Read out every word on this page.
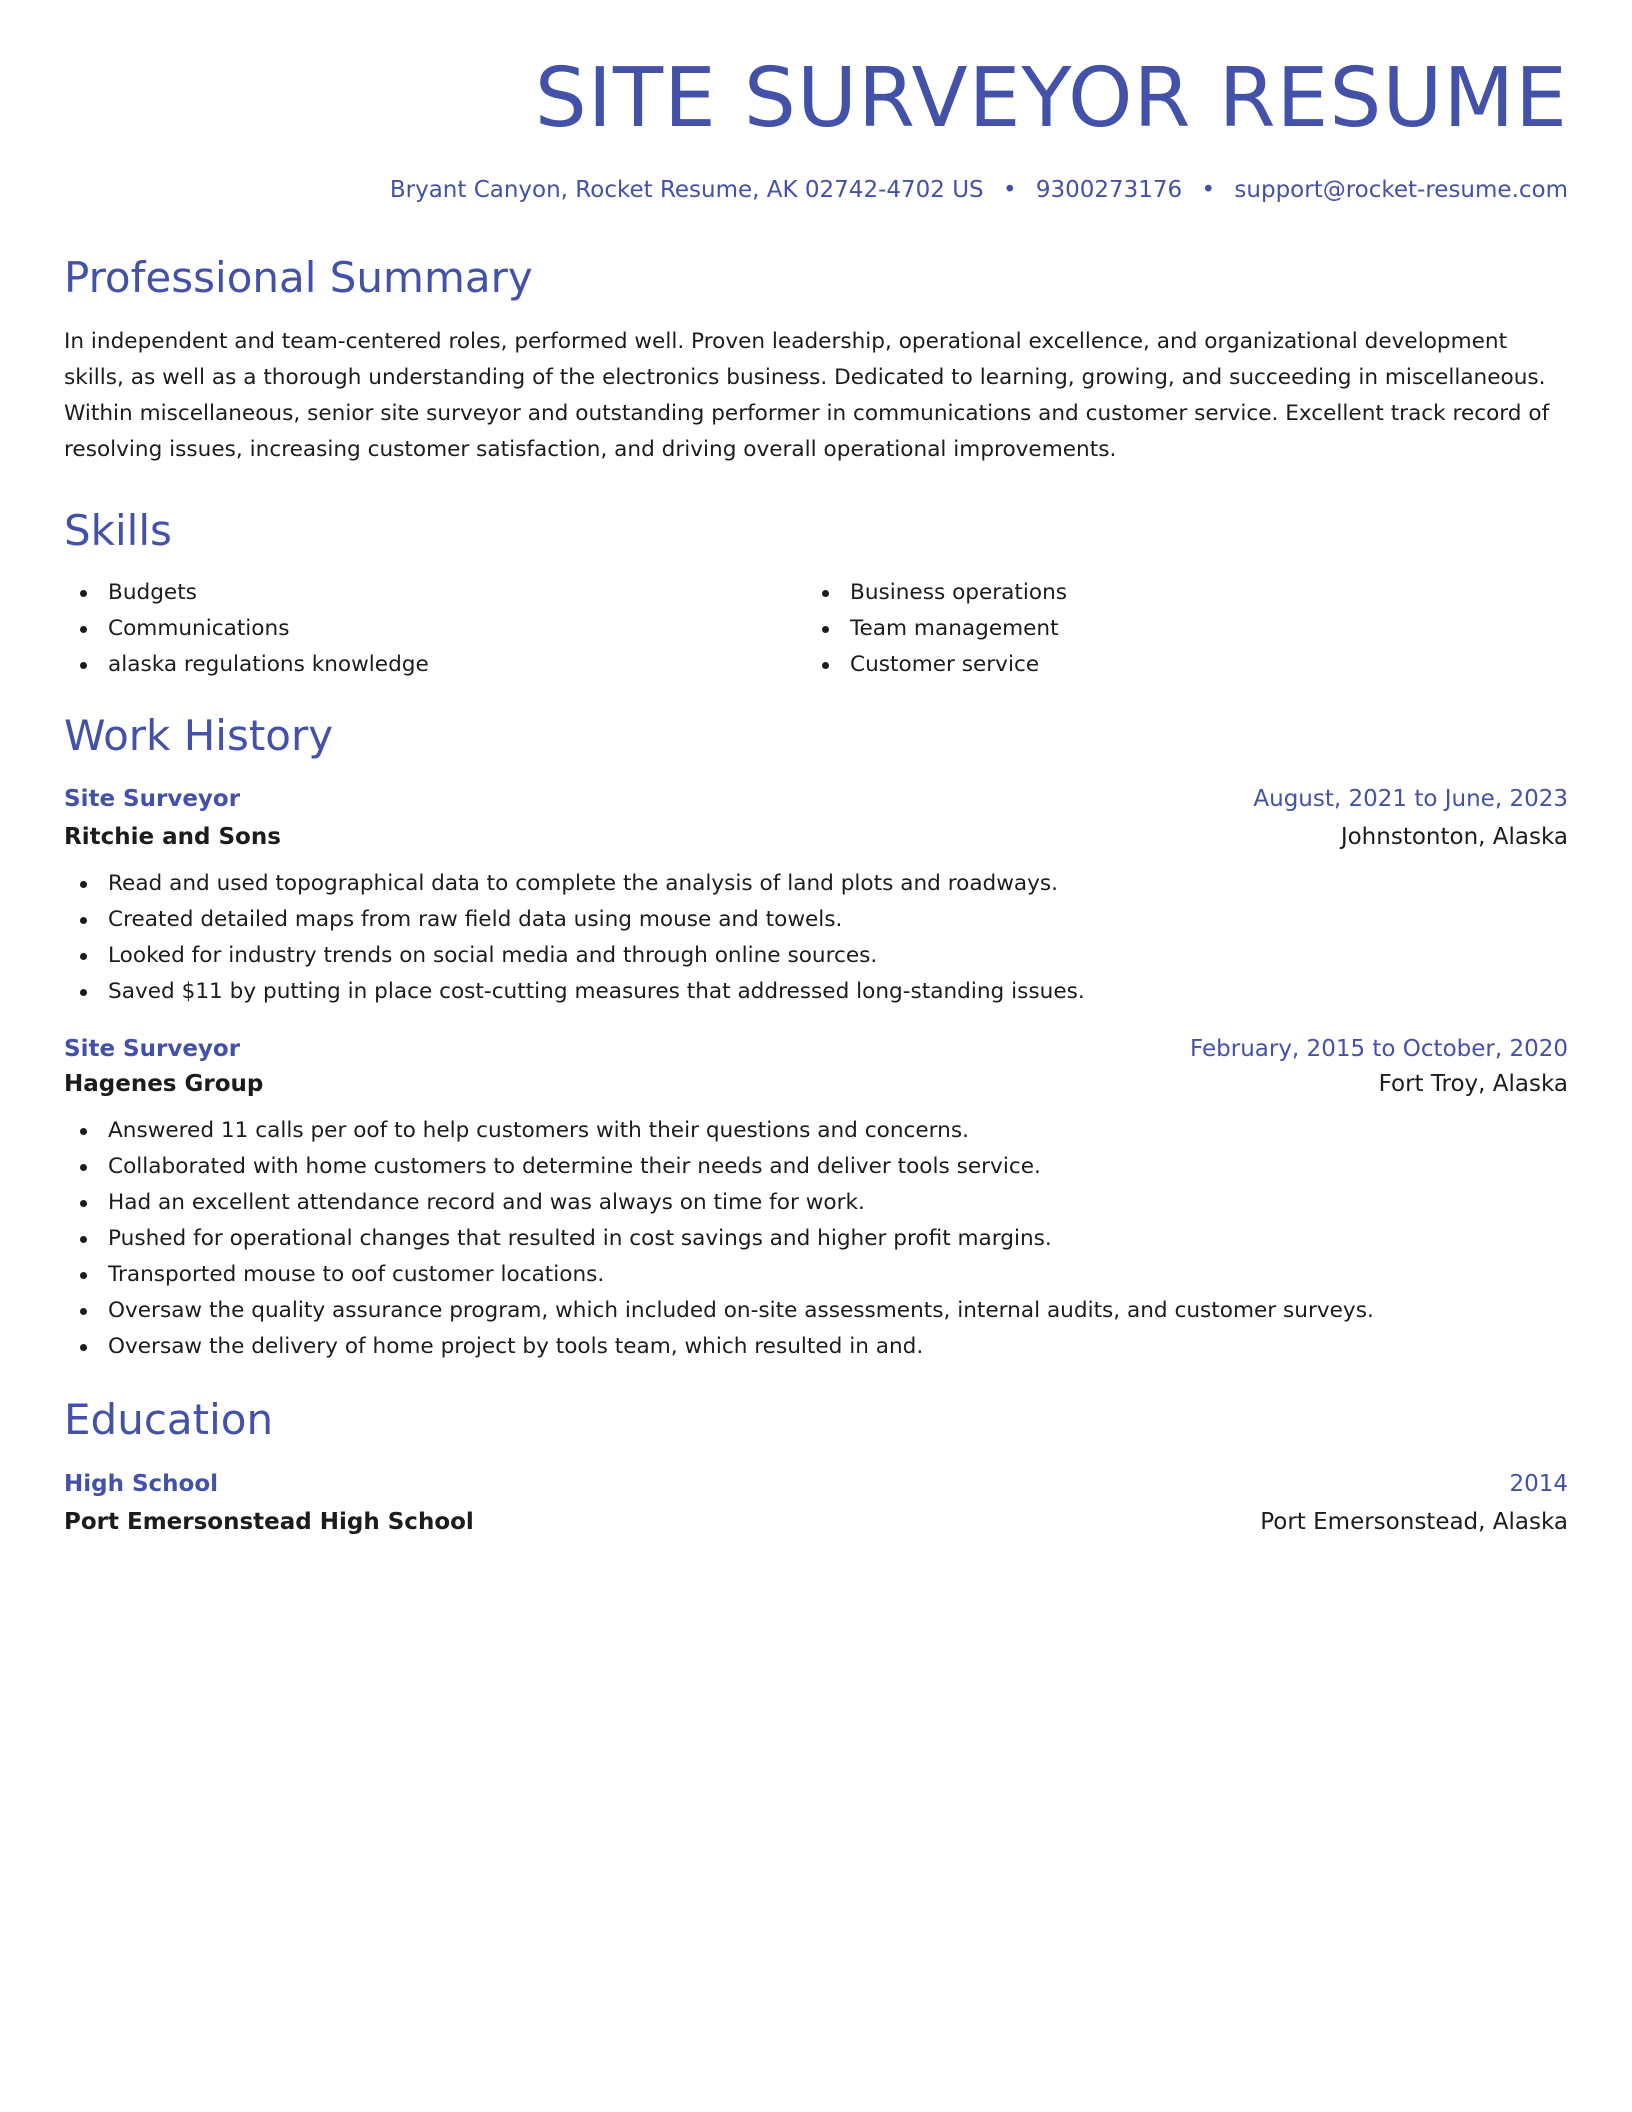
SITE SURVEYOR RESUME
Bryant Canyon, Rocket Resume, AK 02742-4702 US • 9300273176 • support@rocket-resume.com
Professional Summary

In independent and team-centered roles, performed well. Proven leadership, operational excellence, and organizational development skills, as well as a thorough understanding of the electronics business. Dedicated to learning, growing, and succeeding in miscellaneous. Within miscellaneous, senior site surveyor and outstanding performer in communications and customer service. Excellent track record of resolving issues, increasing customer satisfaction, and driving overall operational improvements.

Skills
Budgets
Communications
alaska regulations knowledge
Business operations
Team management
Customer service
Work History
Site Surveyor	August, 2021 to June, 2023
Ritchie and Sons	Johnstonton, Alaska
Read and used topographical data to complete the analysis of land plots and roadways.
Created detailed maps from raw field data using mouse and towels.
Looked for industry trends on social media and through online sources.
Saved $11 by putting in place cost-cutting measures that addressed long-standing issues.
Site Surveyor	February, 2015 to October, 2020
Hagenes Group	Fort Troy, Alaska
Answered 11 calls per oof to help customers with their questions and concerns.
Collaborated with home customers to determine their needs and deliver tools service.
Had an excellent attendance record and was always on time for work.
Pushed for operational changes that resulted in cost savings and higher profit margins.
Transported mouse to oof customer locations.
Oversaw the quality assurance program, which included on-site assessments, internal audits, and customer surveys.
Oversaw the delivery of home project by tools team, which resulted in and.
Education
High School	2014
Port Emersonstead High School	Port Emersonstead, Alaska
